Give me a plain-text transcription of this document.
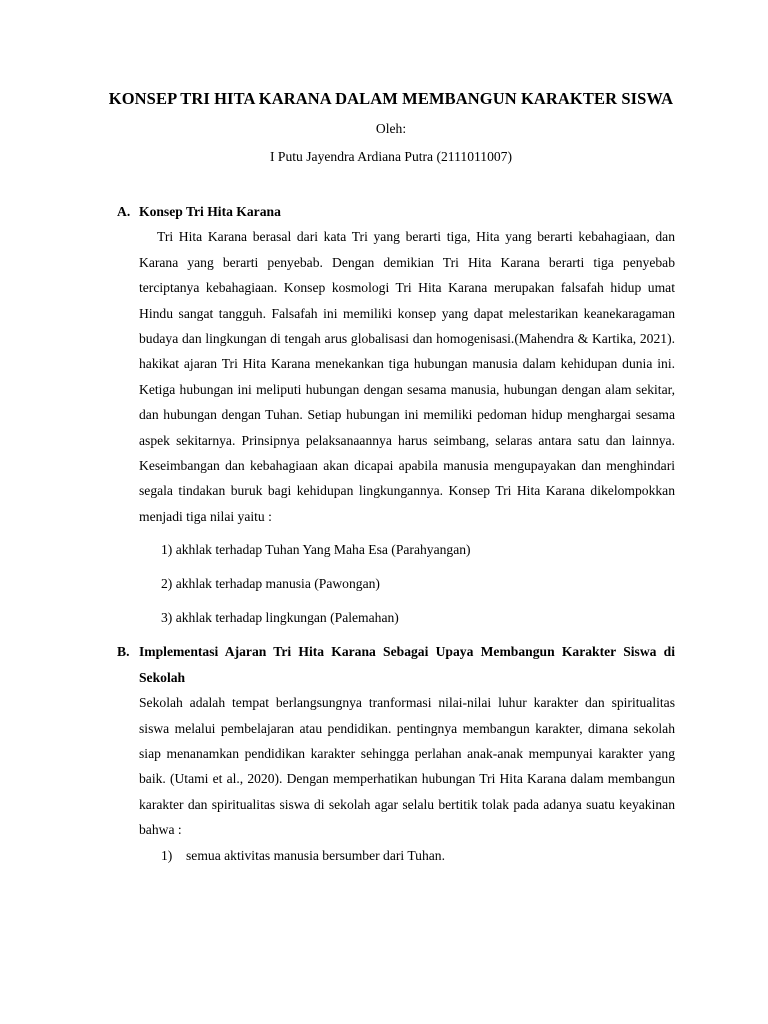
KONSEP TRI HITA KARANA DALAM MEMBANGUN KARAKTER SISWA
Oleh:
I Putu Jayendra Ardiana Putra (2111011007)
A. Konsep Tri Hita Karana

Tri Hita Karana berasal dari kata Tri yang berarti tiga, Hita yang berarti kebahagiaan, dan Karana yang berarti penyebab. Dengan demikian Tri Hita Karana berarti tiga penyebab terciptanya kebahagiaan. Konsep kosmologi Tri Hita Karana merupakan falsafah hidup umat Hindu sangat tangguh. Falsafah ini memiliki konsep yang dapat melestarikan keanekaragaman budaya dan lingkungan di tengah arus globalisasi dan homogenisasi.(Mahendra & Kartika, 2021). hakikat ajaran Tri Hita Karana menekankan tiga hubungan manusia dalam kehidupan dunia ini. Ketiga hubungan ini meliputi hubungan dengan sesama manusia, hubungan dengan alam sekitar, dan hubungan dengan Tuhan. Setiap hubungan ini memiliki pedoman hidup menghargai sesama aspek sekitarnya. Prinsipnya pelaksanaannya harus seimbang, selaras antara satu dan lainnya. Keseimbangan dan kebahagiaan akan dicapai apabila manusia mengupayakan dan menghindari segala tindakan buruk bagi kehidupan lingkungannya. Konsep Tri Hita Karana dikelompokkan menjadi tiga nilai yaitu :

1) akhlak terhadap Tuhan Yang Maha Esa (Parahyangan)
2) akhlak terhadap manusia (Pawongan)
3) akhlak terhadap lingkungan (Palemahan)
B. Implementasi Ajaran Tri Hita Karana Sebagai Upaya Membangun Karakter Siswa di Sekolah

Sekolah adalah tempat berlangsungnya tranformasi nilai-nilai luhur karakter dan spiritualitas siswa melalui pembelajaran atau pendidikan. pentingnya membangun karakter, dimana sekolah siap menanamkan pendidikan karakter sehingga perlahan anak-anak mempunyai karakter yang baik. (Utami et al., 2020). Dengan memperhatikan hubungan Tri Hita Karana dalam membangun karakter dan spiritualitas siswa di sekolah agar selalu bertitik tolak pada adanya suatu keyakinan bahwa :

1)	semua aktivitas manusia bersumber dari Tuhan.
